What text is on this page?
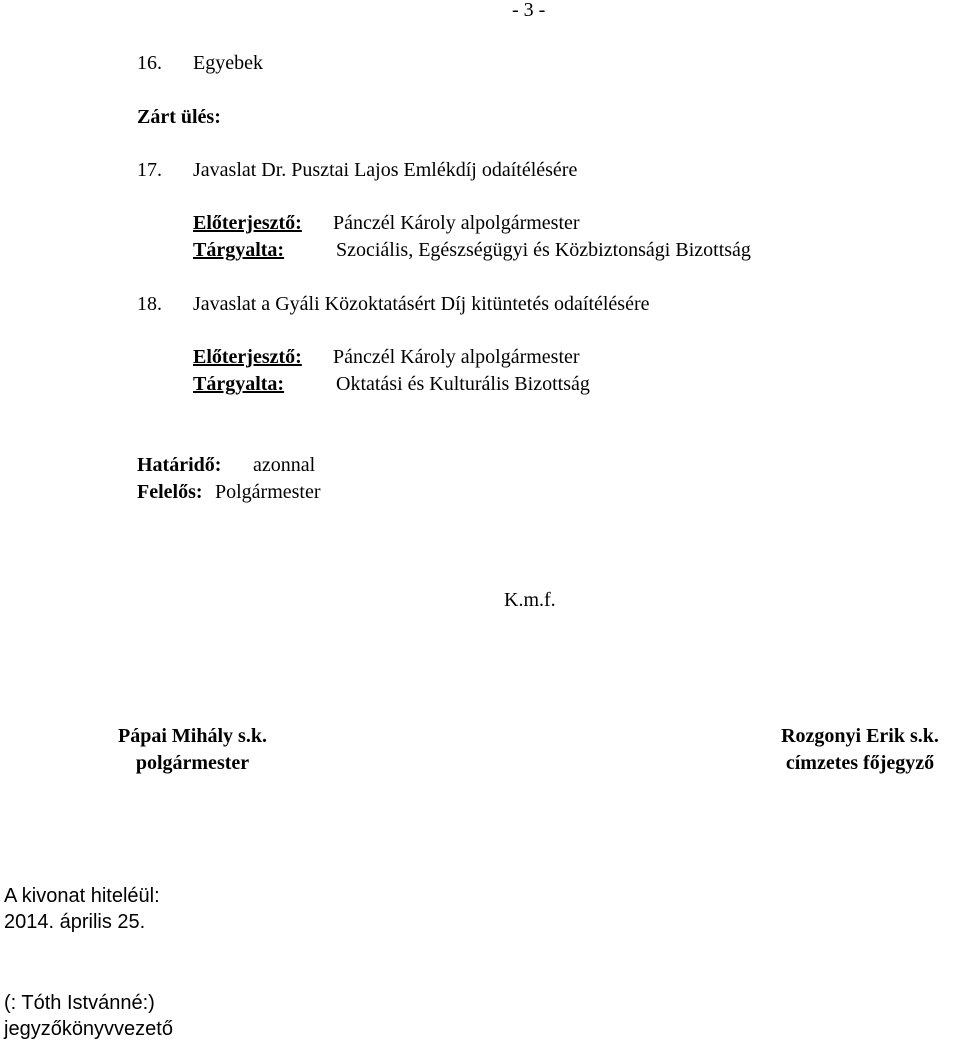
- 3 -
16. Egyebek
Zárt ülés:
17. Javaslat Dr. Pusztai Lajos Emlékdíj odaítélésére
Előterjesztő: Pánczél Károly alpolgármester
Tárgyalta:	Szociális, Egészségügyi és Közbiztonsági Bizottság
18. Javaslat a Gyáli Közoktatásért Díj kitüntetés odaítélésére
Előterjesztő: Pánczél Károly alpolgármester
Tárgyalta:	Oktatási és Kulturális Bizottság
Határidő: azonnal
Felelős: Polgármester
K.m.f.
Pápai Mihály s.k.
polgármester
Rozgonyi Erik s.k.
címzetes főjegyző
A kivonat hiteléül:
2014. április 25.
(: Tóth Istvánné:)
jegyzőkönyvvezető
